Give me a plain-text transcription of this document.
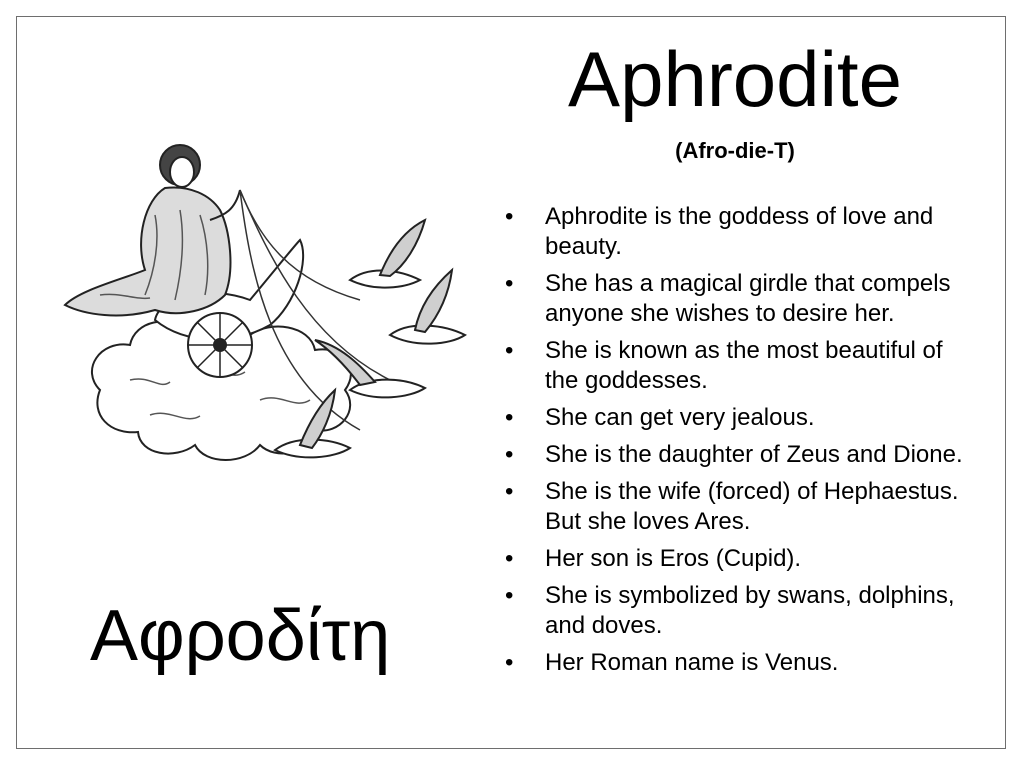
Αφροδίτη
Aphrodite
(Afro-die-T)
•	Aphrodite is the goddess of love and beauty.
•	She has a magical girdle that compels anyone she wishes to desire her.
•	She is known as the most beautiful of the goddesses.
•	She can get very jealous.
•	She is the daughter of Zeus and Dione.
•	She is the wife (forced) of Hephaestus. But she loves Ares.
•	Her son is Eros (Cupid).
•	She is symbolized by swans, dolphins, and doves.
•	Her Roman name is Venus.
